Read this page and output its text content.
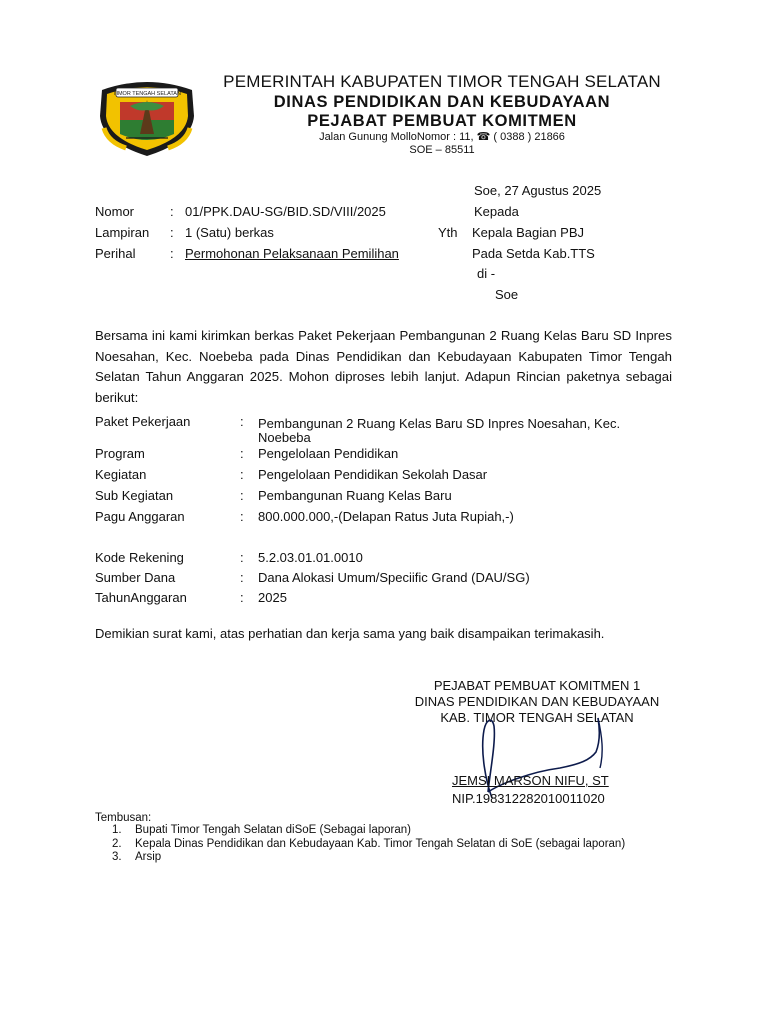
TIMOR TENGAH SELATAN
PEMERINTAH KABUPATEN TIMOR TENGAH SELATAN
DINAS PENDIDIKAN DAN KEBUDAYAAN
PEJABAT PEMBUAT KOMITMEN
Jalan Gunung MolloNomor : 11, ☎ ( 0388 ) 21866
SOE – 85511
Soe, 27 Agustus 2025
Nomor	: 01/PPK.DAU-SG/BID.SD/VIII/2025
Lampiran : 1 (Satu) berkas
Perihal	: Permohonan Pelaksanaan Pemilihan
Kepada
Yth Kepala Bagian PBJ
Pada Setda Kab.TTS
di -
Soe
Bersama ini kami kirimkan berkas Paket Pekerjaan Pembangunan 2 Ruang Kelas Baru SD Inpres Noesahan, Kec. Noebeba pada Dinas Pendidikan dan Kebudayaan Kabupaten Timor Tengah Selatan Tahun Anggaran 2025. Mohon diproses lebih lanjut. Adapun Rincian paketnya sebagai berikut:
Paket Pekerjaan	: Pembangunan 2 Ruang Kelas Baru SD Inpres Noesahan, Kec.
Noebeba
Program	: Pengelolaan Pendidikan
Kegiatan	: Pengelolaan Pendidikan Sekolah Dasar
Sub Kegiatan	: Pembangunan Ruang Kelas Baru
Pagu Anggaran	: 800.000.000,-(Delapan Ratus Juta Rupiah,-)
Kode Rekening	: 5.2.03.01.01.0010
Sumber Dana	: Dana Alokasi Umum/Speciific Grand (DAU/SG)
TahunAnggaran	: 2025
Demikian surat kami, atas perhatian dan kerja sama yang baik disampaikan terimakasih.
PEJABAT PEMBUAT KOMITMEN 1
DINAS PENDIDIKAN DAN KEBUDAYAAN
KAB. TIMOR TENGAH SELATAN
JEMSI MARSON NIFU, ST
NIP.198312282010011020
Tembusan:
1. Bupati Timor Tengah Selatan diSoE (Sebagai laporan)
2. Kepala Dinas Pendidikan dan Kebudayaan Kab. Timor Tengah Selatan di SoE (sebagai laporan)
3. Arsip
